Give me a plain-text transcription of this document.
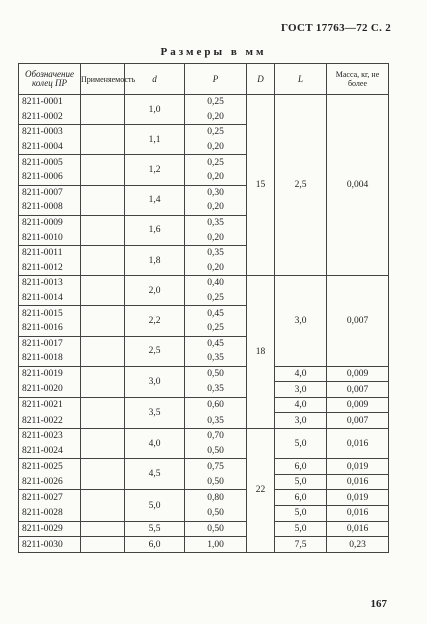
ГОСТ 17763—72 С. 2
Размеры в мм
Обозначение колец ПР	Применяемость	d	P	D	L	Масса, кг, не более
8211-0001		1,0	0,25	15	2,5	0,004
8211-0002			0,20			
8211-0003		1,1	0,25			
8211-0004			0,20			
8211-0005		1,2	0,25			
8211-0006			0,20			
8211-0007		1,4	0,30			
8211-0008			0,20			
8211-0009		1,6	0,35			
8211-0010			0,20			
8211-0011		1,8	0,35			
8211-0012			0,20			
8211-0013		2,0	0,40	18	3,0	0,007
8211-0014			0,25			
8211-0015		2,2	0,45			
8211-0016			0,25			
8211-0017		2,5	0,45			
8211-0018			0,35			
8211-0019		3,0	0,50		4,0	0,009
8211-0020			0,35		3,0	0,007
8211-0021		3,5	0,60		4,0	0,009
8211-0022			0,35		3,0	0,007
8211-0023		4,0	0,70	22	5,0	0,016
8211-0024			0,50			
8211-0025		4,5	0,75		6,0	0,019
8211-0026			0,50		5,0	0,016
8211-0027		5,0	0,80		6,0	0,019
8211-0028			0,50		5,0	0,016
8211-0029		5,5	0,50		5,0	0,016
8211-0030		6,0	1,00		7,5	0,23
167
